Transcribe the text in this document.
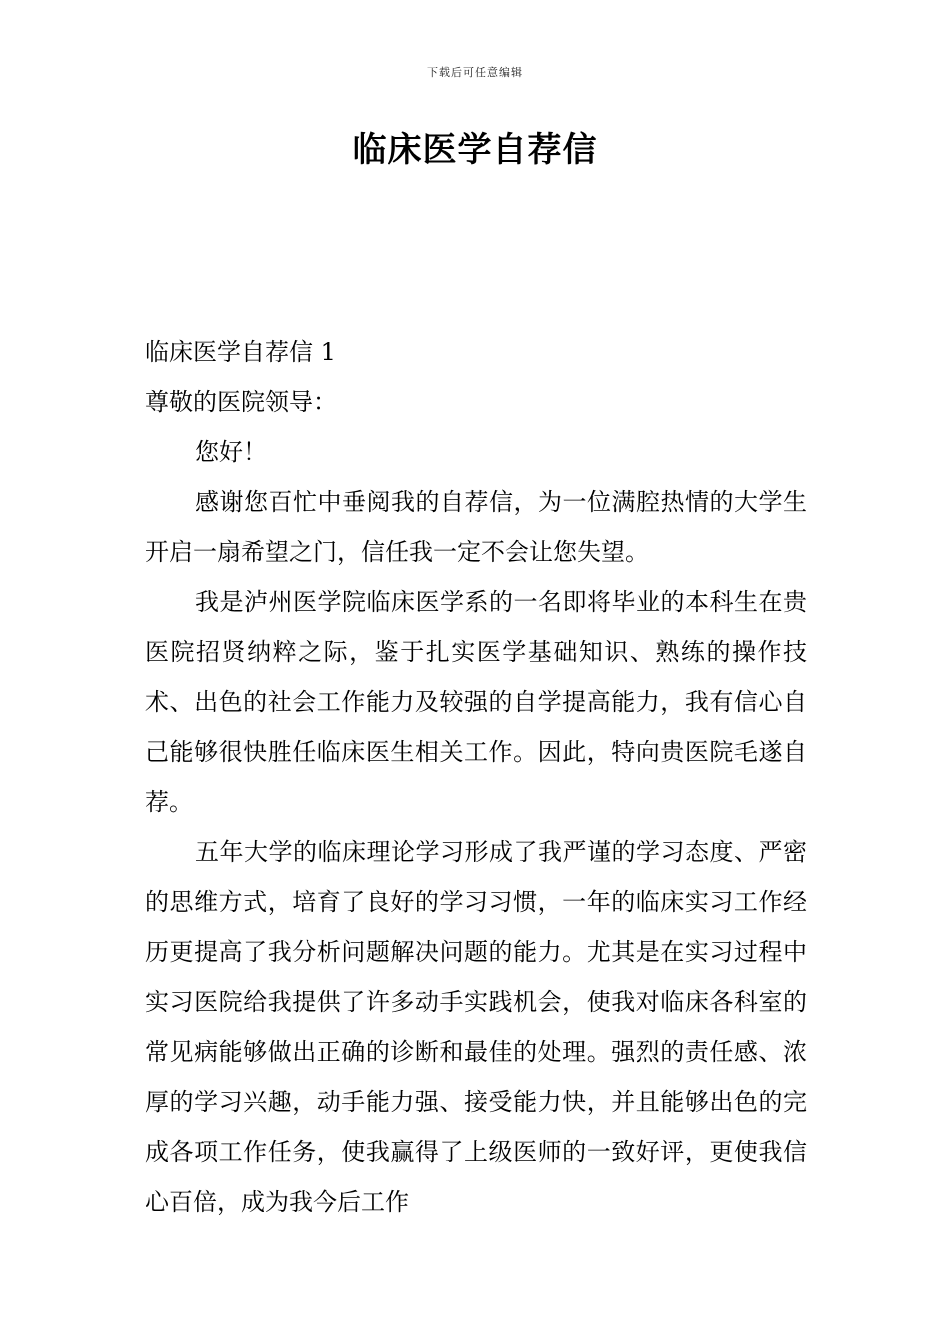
下载后可任意编辑
临床医学自荐信

临床医学自荐信 1

尊敬的医院领导：

您好！

感谢您百忙中垂阅我的自荐信，为一位满腔热情的大学生开启一扇希望之门，信任我一定不会让您失望。

我是泸州医学院临床医学系的一名即将毕业的本科生在贵医院招贤纳粹之际，鉴于扎实医学基础知识、熟练的操作技术、出色的社会工作能力及较强的自学提高能力，我有信心自己能够很快胜任临床医生相关工作。因此，特向贵医院毛遂自荐。

五年大学的临床理论学习形成了我严谨的学习态度、严密的思维方式，培育了良好的学习习惯，一年的临床实习工作经历更提高了我分析问题解决问题的能力。尤其是在实习过程中实习医院给我提供了许多动手实践机会，使我对临床各科室的常见病能够做出正确的诊断和最佳的处理。强烈的责任感、浓厚的学习兴趣，动手能力强、接受能力快，并且能够出色的完成各项工作任务，使我赢得了上级医师的一致好评，更使我信心百倍，成为我今后工作
